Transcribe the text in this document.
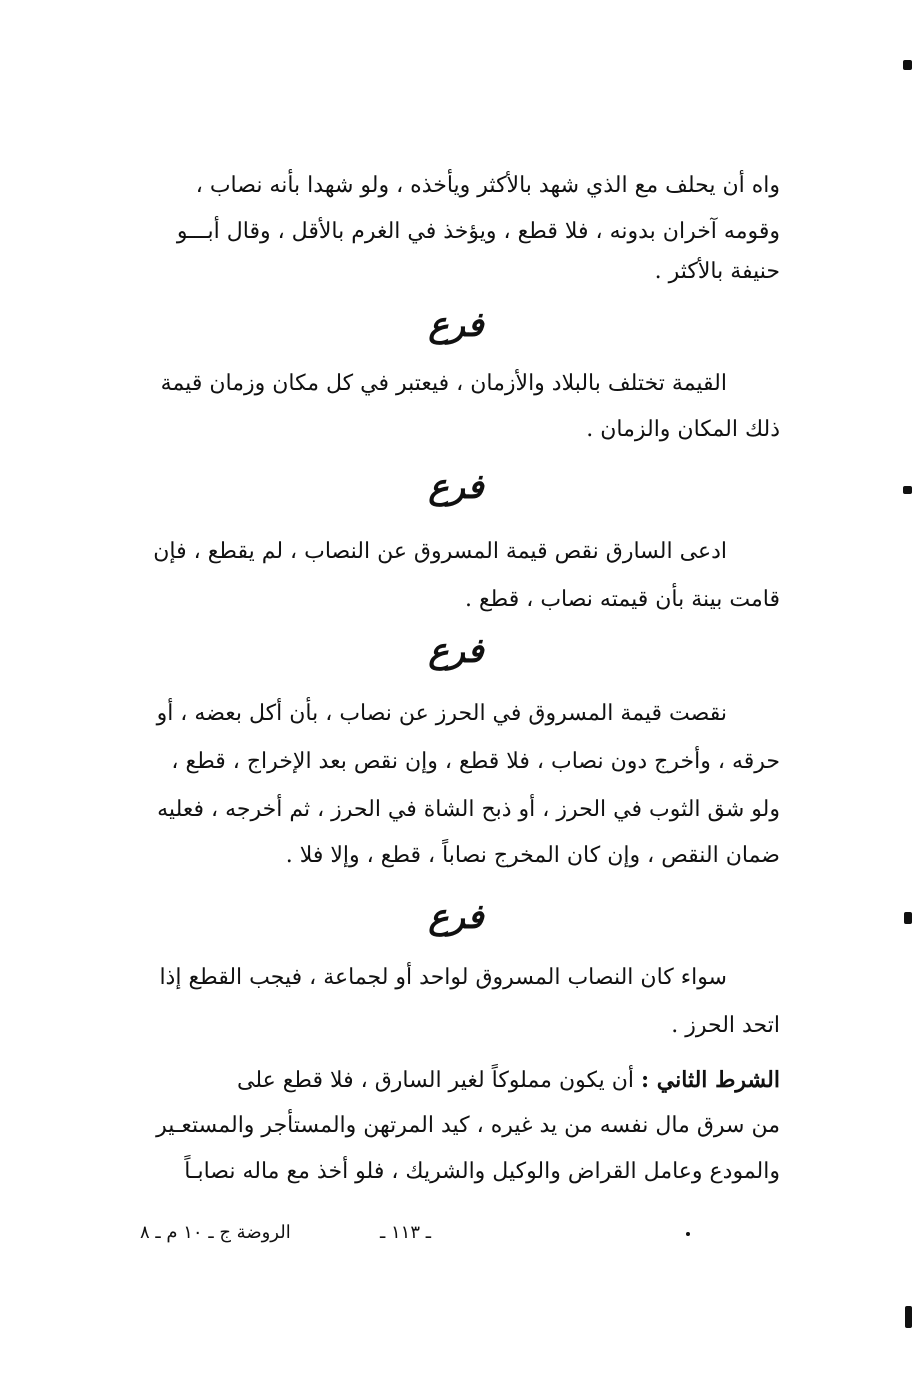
واه أن يحلف مع الذي شهد بالأكثر ويأخذه ، ولو شهدا بأنه نصاب ،
وقومه آخران بدونه ، فلا قطع ، ويؤخذ في الغرم بالأقل ، وقال أبـــو
حنيفة بالأكثر .
فرع
القيمة تختلف بالبلاد والأزمان ، فيعتبر في كل مكان وزمان قيمة
ذلك المكان والزمان .
فرع
ادعى السارق نقص قيمة المسروق عن النصاب ، لم يقطع ، فإن
قامت بينة بأن قيمته نصاب ، قطع .
فرع
نقصت قيمة المسروق في الحرز عن نصاب ، بأن أكل بعضه ، أو
حرقه ، وأخرج دون نصاب ، فلا قطع ، وإن نقص بعد الإخراج ، قطع ،
ولو شق الثوب في الحرز ، أو ذبح الشاة في الحرز ، ثم أخرجه ، فعليه
ضمان النقص ، وإن كان المخرج نصاباً ، قطع ، وإلا فلا .
فرع
سواء كان النصاب المسروق لواحد أو لجماعة ، فيجب القطع إذا
اتحد الحرز .
الشرط الثاني : أن يكون مملوكاً لغير السارق ، فلا قطع على
من سرق مال نفسه من يد غيره ، كيد المرتهن والمستأجر والمستعـير
والمودع وعامل القراض والوكيل والشريك ، فلو أخذ مع ماله نصابـاً
ـ ١١٣ ـ
الروضة ج ـ ١٠ م ـ ٨
